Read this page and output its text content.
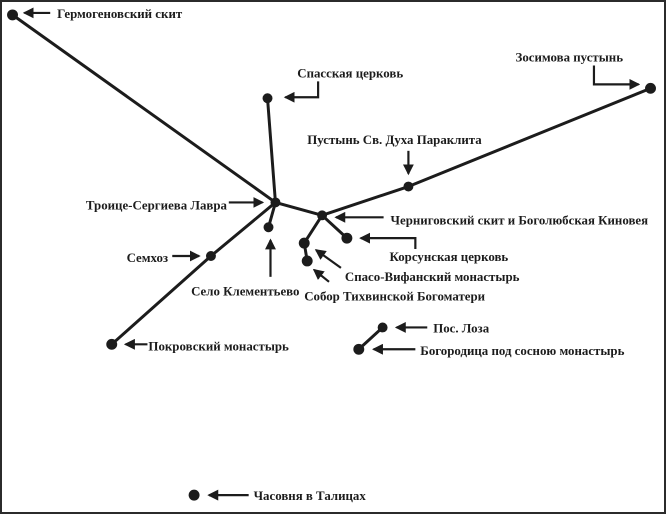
Гермогеновский скит
Спасская церковь
Зосимова пустынь
Пустынь Св. Духа Параклита
Троице-Сергиева Лавра
Черниговский скит и Боголюбская Киновея
Семхоз
Село Клементьево
Корсунская церковь
Спасо-Вифанский монастырь
Собор Тихвинской Богоматери
Пос. Лоза
Богородица под сосною монастырь
Покровский монастырь
Часовня в Талицах
